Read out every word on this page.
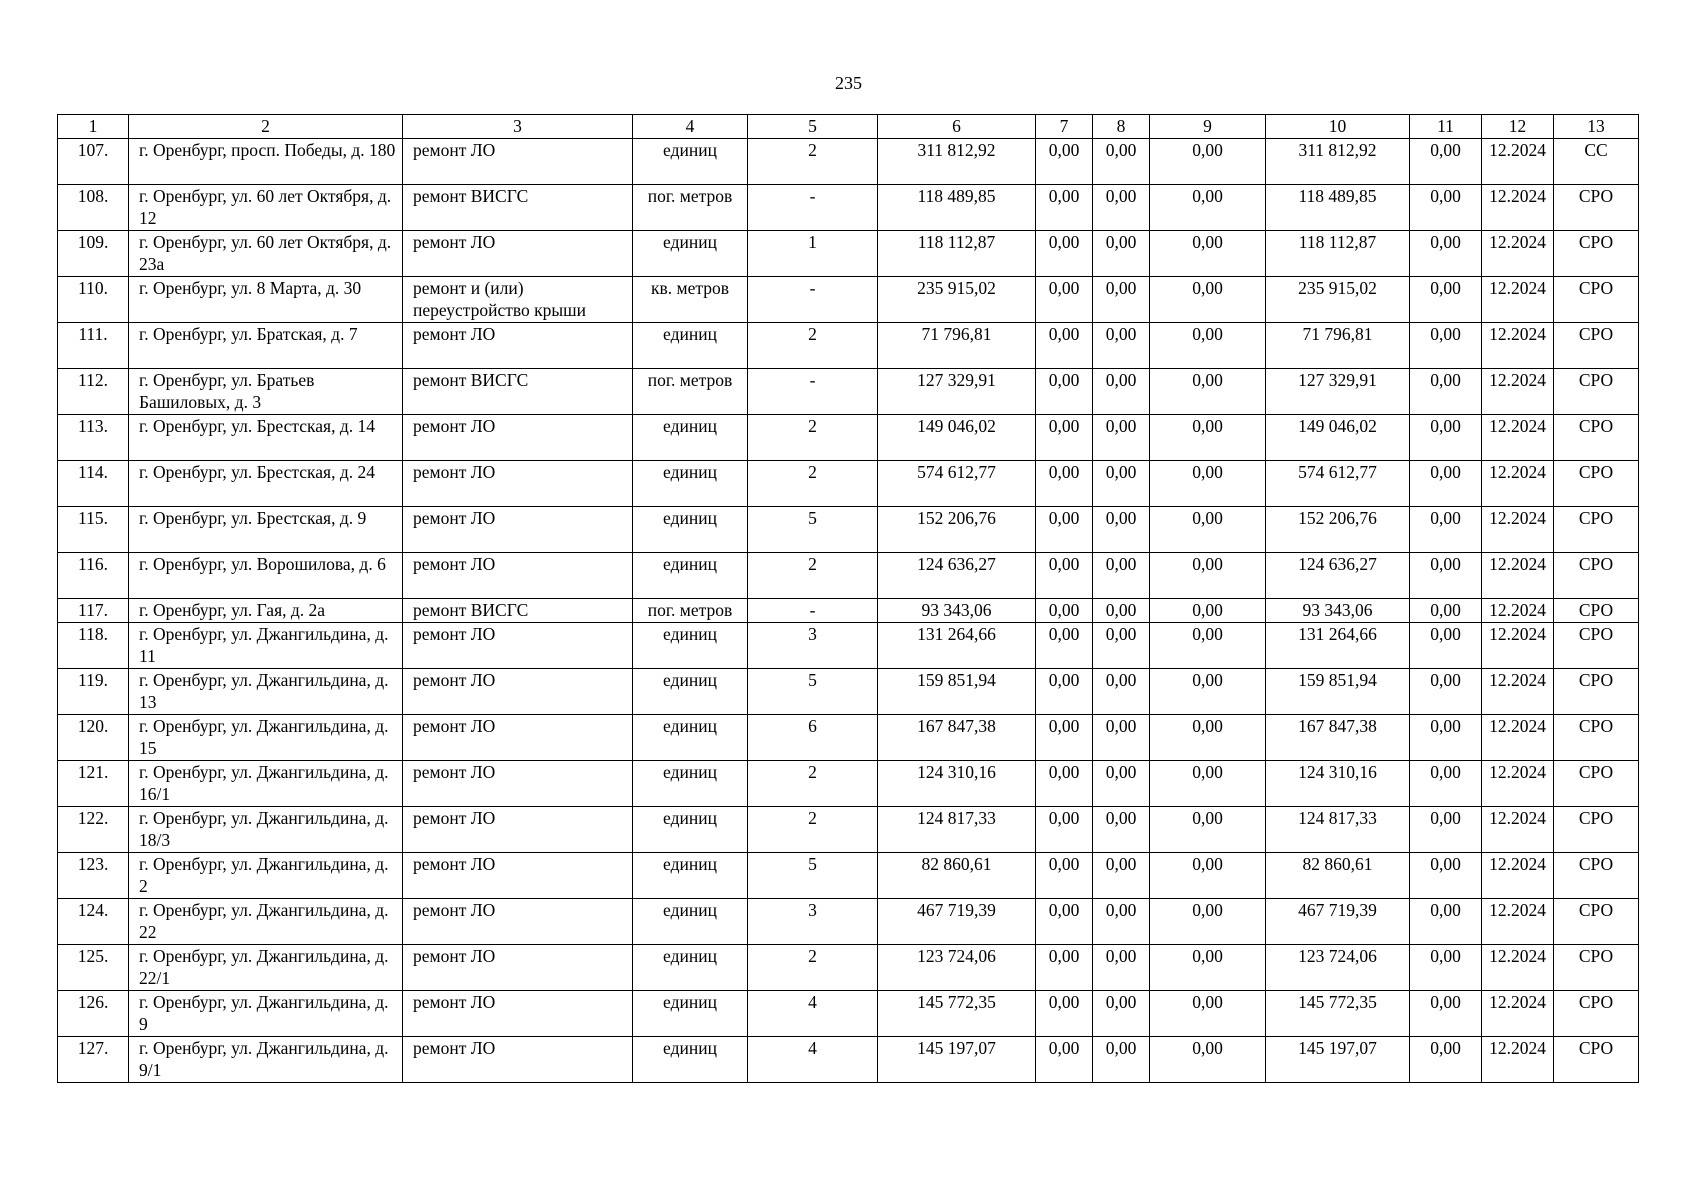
235
1	2	3	4	5	6	7	8	9	10	11	12	13
107.	г. Оренбург, просп. Победы, д. 180	ремонт ЛО	единиц	2	311 812,92	0,00	0,00	0,00	311 812,92	0,00	12.2024	СС
108.	г. Оренбург, ул. 60 лет Октября, д. 12	ремонт ВИСГС	пог. метров	-	118 489,85	0,00	0,00	0,00	118 489,85	0,00	12.2024	СРО
109.	г. Оренбург, ул. 60 лет Октября, д. 23а	ремонт ЛО	единиц	1	118 112,87	0,00	0,00	0,00	118 112,87	0,00	12.2024	СРО
110.	г. Оренбург, ул. 8 Марта, д. 30	ремонт и (или) переустройство крыши	кв. метров	-	235 915,02	0,00	0,00	0,00	235 915,02	0,00	12.2024	СРО
111.	г. Оренбург, ул. Братская, д. 7	ремонт ЛО	единиц	2	71 796,81	0,00	0,00	0,00	71 796,81	0,00	12.2024	СРО
112.	г. Оренбург, ул. Братьев Башиловых, д. 3	ремонт ВИСГС	пог. метров	-	127 329,91	0,00	0,00	0,00	127 329,91	0,00	12.2024	СРО
113.	г. Оренбург, ул. Брестская, д. 14	ремонт ЛО	единиц	2	149 046,02	0,00	0,00	0,00	149 046,02	0,00	12.2024	СРО
114.	г. Оренбург, ул. Брестская, д. 24	ремонт ЛО	единиц	2	574 612,77	0,00	0,00	0,00	574 612,77	0,00	12.2024	СРО
115.	г. Оренбург, ул. Брестская, д. 9	ремонт ЛО	единиц	5	152 206,76	0,00	0,00	0,00	152 206,76	0,00	12.2024	СРО
116.	г. Оренбург, ул. Ворошилова, д. 6	ремонт ЛО	единиц	2	124 636,27	0,00	0,00	0,00	124 636,27	0,00	12.2024	СРО
117.	г. Оренбург, ул. Гая, д. 2а	ремонт ВИСГС	пог. метров	-	93 343,06	0,00	0,00	0,00	93 343,06	0,00	12.2024	СРО
118.	г. Оренбург, ул. Джангильдина, д. 11	ремонт ЛО	единиц	3	131 264,66	0,00	0,00	0,00	131 264,66	0,00	12.2024	СРО
119.	г. Оренбург, ул. Джангильдина, д. 13	ремонт ЛО	единиц	5	159 851,94	0,00	0,00	0,00	159 851,94	0,00	12.2024	СРО
120.	г. Оренбург, ул. Джангильдина, д. 15	ремонт ЛО	единиц	6	167 847,38	0,00	0,00	0,00	167 847,38	0,00	12.2024	СРО
121.	г. Оренбург, ул. Джангильдина, д. 16/1	ремонт ЛО	единиц	2	124 310,16	0,00	0,00	0,00	124 310,16	0,00	12.2024	СРО
122.	г. Оренбург, ул. Джангильдина, д. 18/3	ремонт ЛО	единиц	2	124 817,33	0,00	0,00	0,00	124 817,33	0,00	12.2024	СРО
123.	г. Оренбург, ул. Джангильдина, д. 2	ремонт ЛО	единиц	5	82 860,61	0,00	0,00	0,00	82 860,61	0,00	12.2024	СРО
124.	г. Оренбург, ул. Джангильдина, д. 22	ремонт ЛО	единиц	3	467 719,39	0,00	0,00	0,00	467 719,39	0,00	12.2024	СРО
125.	г. Оренбург, ул. Джангильдина, д. 22/1	ремонт ЛО	единиц	2	123 724,06	0,00	0,00	0,00	123 724,06	0,00	12.2024	СРО
126.	г. Оренбург, ул. Джангильдина, д. 9	ремонт ЛО	единиц	4	145 772,35	0,00	0,00	0,00	145 772,35	0,00	12.2024	СРО
127.	г. Оренбург, ул. Джангильдина, д. 9/1	ремонт ЛО	единиц	4	145 197,07	0,00	0,00	0,00	145 197,07	0,00	12.2024	СРО
